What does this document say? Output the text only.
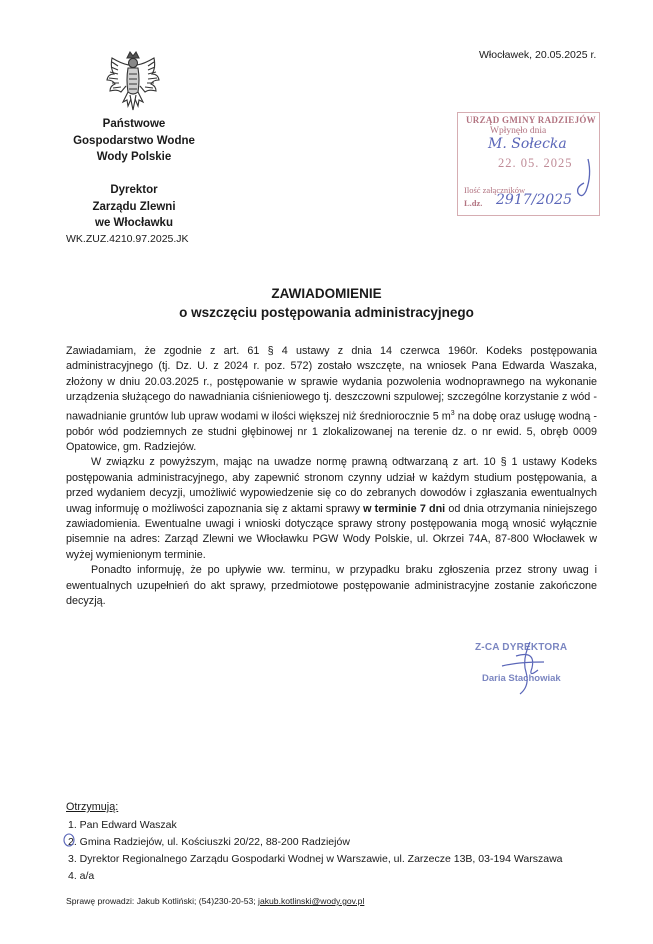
Państwowe
Gospodarstwo Wodne
Wody Polskie
Dyrektor
Zarządu Zlewni
we Włocławku
WK.ZUZ.4210.97.2025.JK
Włocławek, 20.05.2025 r.
URZĄD GMINY RADZIEJÓW
Wpłynęło dnia
M. Sołecka
22. 05. 2025
Ilość załączników
L.dz. 2917/2025
ZAWIADOMIENIE
o wszczęciu postępowania administracyjnego

Zawiadamiam, że zgodnie z art. 61 § 4 ustawy z dnia 14 czerwca 1960r. Kodeks postępowania administracyjnego (tj. Dz. U. z 2024 r. poz. 572) zostało wszczęte, na wniosek Pana Edwarda Waszaka, złożony w dniu 20.03.2025 r., postępowanie w sprawie wydania pozwolenia wodnoprawnego na wykonanie urządzenia służącego do nawadniania ciśnieniowego tj. deszczowni szpulowej; szczególne korzystanie z wód - nawadnianie gruntów lub upraw wodami w ilości większej niż średniorocznie 5 $m^3$ na dobę oraz usługę wodną - pobór wód podziemnych ze studni głębinowej nr 1 zlokalizowanej na terenie dz. o nr ewid. 5, obręb 0009 Opatowice, gm. Radziejów.

W związku z powyższym, mając na uwadze normę prawną odtwarzaną z art. 10 § 1 ustawy Kodeks postępowania administracyjnego, aby zapewnić stronom czynny udział w każdym studium postępowania, a przed wydaniem decyzji, umożliwić wypowiedzenie się co do zebranych dowodów i zgłaszania ewentualnych uwag informuję o możliwości zapoznania się z aktami sprawy w terminie 7 dni od dnia otrzymania niniejszego zawiadomienia. Ewentualne uwagi i wnioski dotyczące sprawy strony postępowania mogą wnosić wyłącznie pisemnie na adres: Zarząd Zlewni we Włocławku PGW Wody Polskie, ul. Okrzei 74A, 87-800 Włocławek w wyżej wymienionym terminie.

Ponadto informuję, że po upływie ww. terminu, w przypadku braku zgłoszenia przez strony uwag i ewentualnych uzupełnień do akt sprawy, przedmiotowe postępowanie administracyjne zostanie zakończone decyzją.

Z-CA DYREKTORA
Daria Stachowiak
Otrzymują:
1. Pan Edward Waszak
2. Gmina Radziejów, ul. Kościuszki 20/22, 88-200 Radziejów
3. Dyrektor Regionalnego Zarządu Gospodarki Wodnej w Warszawie, ul. Zarzecze 13B, 03-194 Warszawa
4. a/a
Sprawę prowadzi: Jakub Kotliński; (54)230-20-53; jakub.kotlinski@wody.gov.pl
